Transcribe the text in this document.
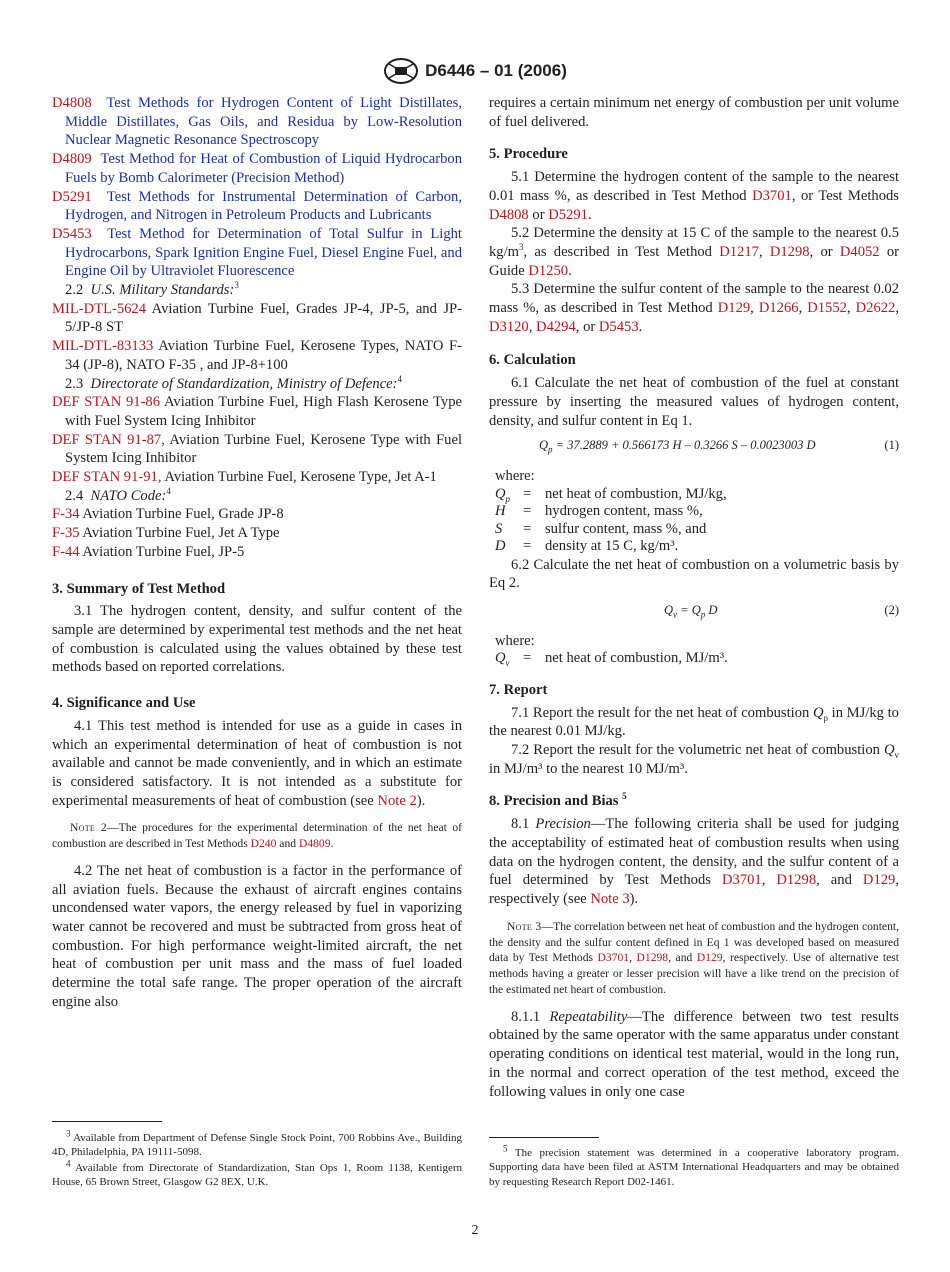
D6446 – 01 (2006)

D4808 Test Methods for Hydrogen Content of Light Distillates, Middle Distillates, Gas Oils, and Residua by Low-Resolution Nuclear Magnetic Resonance Spectroscopy

D4809 Test Method for Heat of Combustion of Liquid Hydrocarbon Fuels by Bomb Calorimeter (Precision Method)

D5291 Test Methods for Instrumental Determination of Carbon, Hydrogen, and Nitrogen in Petroleum Products and Lubricants

D5453 Test Method for Determination of Total Sulfur in Light Hydrocarbons, Spark Ignition Engine Fuel, Diesel Engine Fuel, and Engine Oil by Ultraviolet Fluorescence

2.2 U.S. Military Standards:$^3$

MIL-DTL-5624 Aviation Turbine Fuel, Grades JP-4, JP-5, and JP-5/JP-8 ST

MIL-DTL-83133 Aviation Turbine Fuel, Kerosene Types, NATO F-34 (JP-8), NATO F-35 , and JP-8+100

2.3 Directorate of Standardization, Ministry of Defence:$^4$

DEF STAN 91-86 Aviation Turbine Fuel, High Flash Kerosene Type with Fuel System Icing Inhibitor

DEF STAN 91-87, Aviation Turbine Fuel, Kerosene Type with Fuel System Icing Inhibitor

DEF STAN 91-91, Aviation Turbine Fuel, Kerosene Type, Jet A-1

2.4 NATO Code:$^4$

F-34 Aviation Turbine Fuel, Grade JP-8

F-35 Aviation Turbine Fuel, Jet A Type

F-44 Aviation Turbine Fuel, JP-5

3. Summary of Test Method

3.1 The hydrogen content, density, and sulfur content of the sample are determined by experimental test methods and the net heat of combustion is calculated using the values obtained by these test methods based on reported correlations.

4. Significance and Use

4.1 This test method is intended for use as a guide in cases in which an experimental determination of heat of combustion is not available and cannot be made conveniently, and in which an estimate is considered satisfactory. It is not intended as a substitute for experimental measurements of heat of combustion (see Note 2).

Note 2—The procedures for the experimental determination of the net heat of combustion are described in Test Methods D240 and D4809.

4.2 The net heat of combustion is a factor in the performance of all aviation fuels. Because the exhaust of aircraft engines contains uncondensed water vapors, the energy released by fuel in vaporizing water cannot be recovered and must be subtracted from gross heat of combustion. For high performance weight-limited aircraft, the net heat of combustion per unit mass and the mass of fuel loaded determine the total safe range. The proper operation of the aircraft engine also

$^3$ Available from Department of Defense Single Stock Point, 700 Robbins Ave., Building 4D, Philadelphia, PA 19111-5098.

$^4$ Available from Directorate of Standardization, Stan Ops 1, Room 1138, Kentigern House, 65 Brown Street, Glasgow G2 8EX, U.K.

requires a certain minimum net energy of combustion per unit volume of fuel delivered.

5. Procedure

5.1 Determine the hydrogen content of the sample to the nearest 0.01 mass %, as described in Test Method D3701, or Test Methods D4808 or D5291.

5.2 Determine the density at 15 C of the sample to the nearest 0.5 $kg/m^3$, as described in Test Method D1217, D1298, or D4052 or Guide D1250.

5.3 Determine the sulfur content of the sample to the nearest 0.02 mass %, as described in Test Method D129, D1266, D1552, D2622, D3120, D4294, or D5453.

6. Calculation

6.1 Calculate the net heat of combustion of the fuel at constant pressure by inserting the measured values of hydrogen content, density, and sulfur content in Eq 1.

$Q_p = 37.2889 + 0.566173$ H – 0.3266 S – 0.0023003 D	(1)

where:

$Q_p$ = net heat of combustion, MJ/kg,
H	= hydrogen content, mass %,
S	= sulfur content, mass %, and
D	= density at 15 C, kg/m³.

6.2 Calculate the net heat of combustion on a volumetric basis by Eq 2.

$Q_v = Q_p$ D	(2)

where:

$Q_v$ = net heat of combustion, MJ/m³.
7. Report

7.1 Report the result for the net heat of combustion $Q_p$ in MJ/kg to the nearest 0.01 MJ/kg.

7.2 Report the result for the volumetric net heat of combustion $Q_v$ in MJ/m³ to the nearest 10 MJ/m³.

8. Precision and Bias $^5$

8.1 Precision—The following criteria shall be used for judging the acceptability of estimated heat of combustion results when using data on the hydrogen content, the density, and the sulfur content of a fuel determined by Test Methods D3701, D1298, and D129, respectively (see Note 3).

Note 3—The correlation between net heat of combustion and the hydrogen content, the density and the sulfur content defined in Eq 1 was developed based on measured data by Test Methods D3701, D1298, and D129, respectively. Use of alternative test methods having a greater or lesser precision will have a like trend on the precision of the estimated net heart of combustion.

8.1.1 Repeatability—The difference between two test results obtained by the same operator with the same apparatus under constant operating conditions on identical test material, would in the long run, in the normal and correct operation of the test method, exceed the following values in only one case

$^5$ The precision statement was determined in a cooperative laboratory program. Supporting data have been filed at ASTM International Headquarters and may be obtained by requesting Research Report D02-1461.

2
